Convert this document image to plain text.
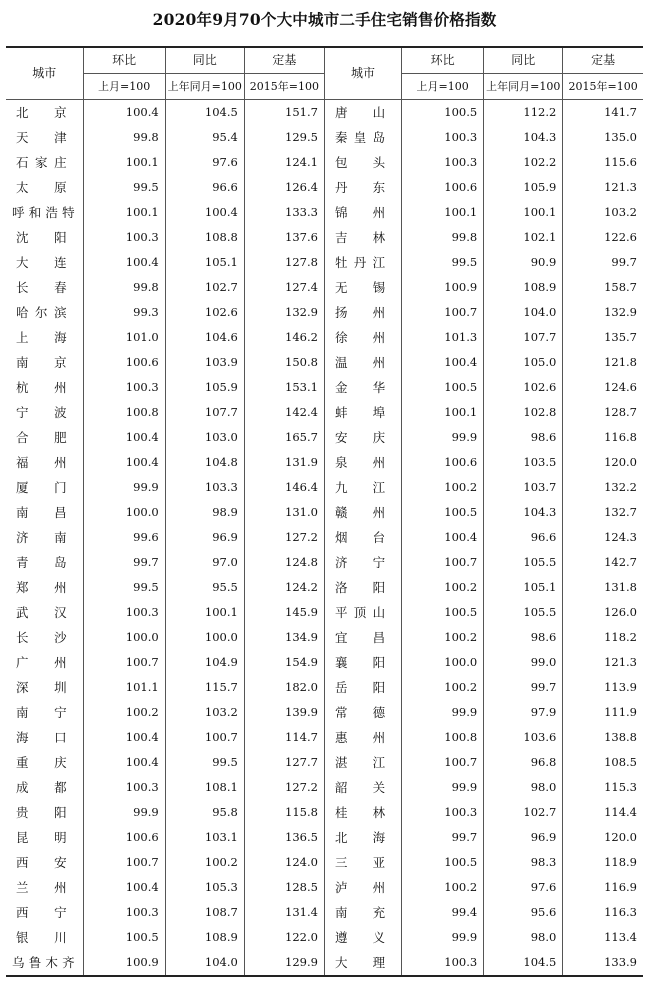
2020年9月70个大中城市二手住宅销售价格指数
城市	环比	同比	定基	城市	环比	同比	定基
	上月=100	上年同月=100	2015年=100		上月=100	上年同月=100	2015年=100
北 京	100.4	104.5	151.7	唐 山	100.5	112.2	141.7
天 津	99.8	95.4	129.5	秦皇岛	100.3	104.3	135.0
石家庄	100.1	97.6	124.1	包 头	100.3	102.2	115.6
太 原	99.5	96.6	126.4	丹 东	100.6	105.9	121.3
呼和浩特	100.1	100.4	133.3	锦 州	100.1	100.1	103.2
沈 阳	100.3	108.8	137.6	吉 林	99.8	102.1	122.6
大 连	100.4	105.1	127.8	牡丹江	99.5	90.9	99.7
长 春	99.8	102.7	127.4	无 锡	100.9	108.9	158.7
哈尔滨	99.3	102.6	132.9	扬 州	100.7	104.0	132.9
上 海	101.0	104.6	146.2	徐 州	101.3	107.7	135.7
南 京	100.6	103.9	150.8	温 州	100.4	105.0	121.8
杭 州	100.3	105.9	153.1	金 华	100.5	102.6	124.6
宁 波	100.8	107.7	142.4	蚌 埠	100.1	102.8	128.7
合 肥	100.4	103.0	165.7	安 庆	99.9	98.6	116.8
福 州	100.4	104.8	131.9	泉 州	100.6	103.5	120.0
厦 门	99.9	103.3	146.4	九 江	100.2	103.7	132.2
南 昌	100.0	98.9	131.0	赣 州	100.5	104.3	132.7
济 南	99.6	96.9	127.2	烟 台	100.4	96.6	124.3
青 岛	99.7	97.0	124.8	济 宁	100.7	105.5	142.7
郑 州	99.5	95.5	124.2	洛 阳	100.2	105.1	131.8
武 汉	100.3	100.1	145.9	平顶山	100.5	105.5	126.0
长 沙	100.0	100.0	134.9	宜 昌	100.2	98.6	118.2
广 州	100.7	104.9	154.9	襄 阳	100.0	99.0	121.3
深 圳	101.1	115.7	182.0	岳 阳	100.2	99.7	113.9
南 宁	100.2	103.2	139.9	常 德	99.9	97.9	111.9
海 口	100.4	100.7	114.7	惠 州	100.8	103.6	138.8
重 庆	100.4	99.5	127.7	湛 江	100.7	96.8	108.5
成 都	100.3	108.1	127.2	韶 关	99.9	98.0	115.3
贵 阳	99.9	95.8	115.8	桂 林	100.3	102.7	114.4
昆 明	100.6	103.1	136.5	北 海	99.7	96.9	120.0
西 安	100.7	100.2	124.0	三 亚	100.5	98.3	118.9
兰 州	100.4	105.3	128.5	泸 州	100.2	97.6	116.9
西 宁	100.3	108.7	131.4	南 充	99.4	95.6	116.3
银 川	100.5	108.9	122.0	遵 义	99.9	98.0	113.4
乌鲁木齐	100.9	104.0	129.9	大 理	100.3	104.5	133.9
